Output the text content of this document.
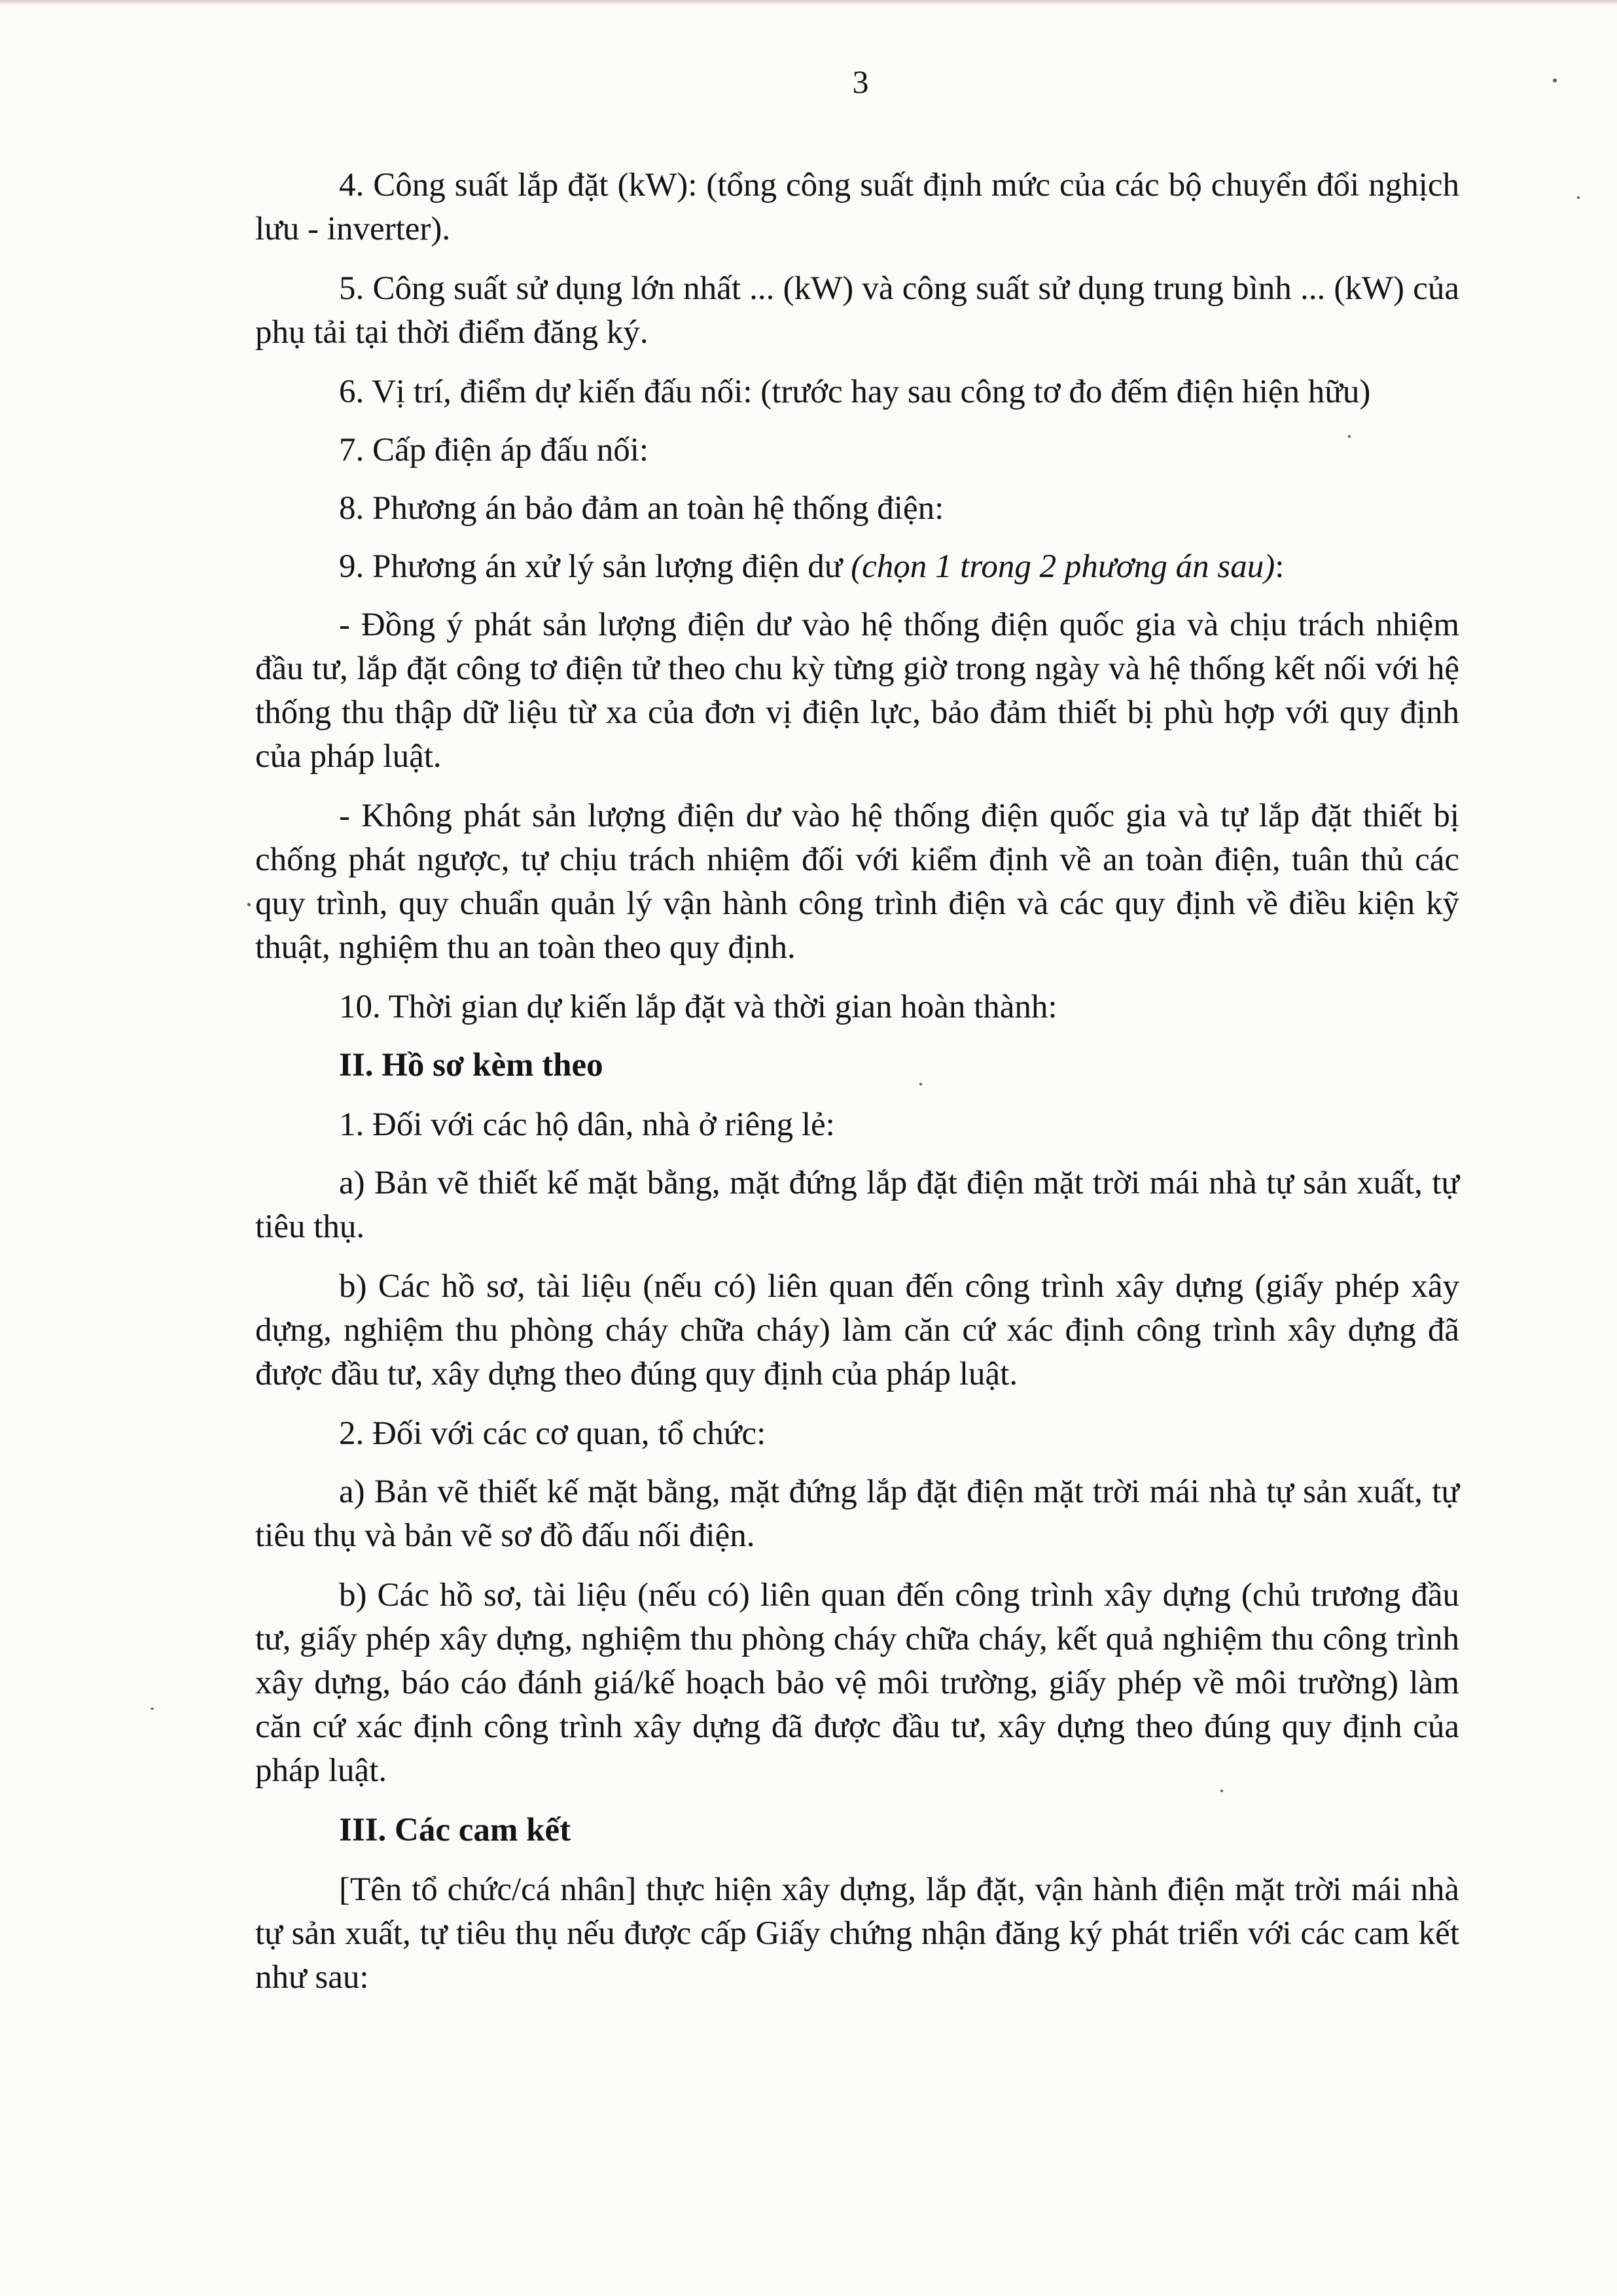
3

4. Công suất lắp đặt (kW): (tổng công suất định mức của các bộ chuyển đổi nghịch lưu - inverter).

5. Công suất sử dụng lớn nhất ... (kW) và công suất sử dụng trung bình ... (kW) của phụ tải tại thời điểm đăng ký.

6. Vị trí, điểm dự kiến đấu nối: (trước hay sau công tơ đo đếm điện hiện hữu)

7. Cấp điện áp đấu nối:

8. Phương án bảo đảm an toàn hệ thống điện:

9. Phương án xử lý sản lượng điện dư (chọn 1 trong 2 phương án sau):

- Đồng ý phát sản lượng điện dư vào hệ thống điện quốc gia và chịu trách nhiệm đầu tư, lắp đặt công tơ điện tử theo chu kỳ từng giờ trong ngày và hệ thống kết nối với hệ thống thu thập dữ liệu từ xa của đơn vị điện lực, bảo đảm thiết bị phù hợp với quy định của pháp luật.

- Không phát sản lượng điện dư vào hệ thống điện quốc gia và tự lắp đặt thiết bị chống phát ngược, tự chịu trách nhiệm đối với kiểm định về an toàn điện, tuân thủ các quy trình, quy chuẩn quản lý vận hành công trình điện và các quy định về điều kiện kỹ thuật, nghiệm thu an toàn theo quy định.

10. Thời gian dự kiến lắp đặt và thời gian hoàn thành:

II. Hồ sơ kèm theo

1. Đối với các hộ dân, nhà ở riêng lẻ:

a) Bản vẽ thiết kế mặt bằng, mặt đứng lắp đặt điện mặt trời mái nhà tự sản xuất, tự tiêu thụ.

b) Các hồ sơ, tài liệu (nếu có) liên quan đến công trình xây dựng (giấy phép xây dựng, nghiệm thu phòng cháy chữa cháy) làm căn cứ xác định công trình xây dựng đã được đầu tư, xây dựng theo đúng quy định của pháp luật.

2. Đối với các cơ quan, tổ chức:

a) Bản vẽ thiết kế mặt bằng, mặt đứng lắp đặt điện mặt trời mái nhà tự sản xuất, tự tiêu thụ và bản vẽ sơ đồ đấu nối điện.

b) Các hồ sơ, tài liệu (nếu có) liên quan đến công trình xây dựng (chủ trương đầu tư, giấy phép xây dựng, nghiệm thu phòng cháy chữa cháy, kết quả nghiệm thu công trình xây dựng, báo cáo đánh giá/kế hoạch bảo vệ môi trường, giấy phép về môi trường) làm căn cứ xác định công trình xây dựng đã được đầu tư, xây dựng theo đúng quy định của pháp luật.

III. Các cam kết

[Tên tổ chức/cá nhân] thực hiện xây dựng, lắp đặt, vận hành điện mặt trời mái nhà tự sản xuất, tự tiêu thụ nếu được cấp Giấy chứng nhận đăng ký phát triển với các cam kết như sau:
